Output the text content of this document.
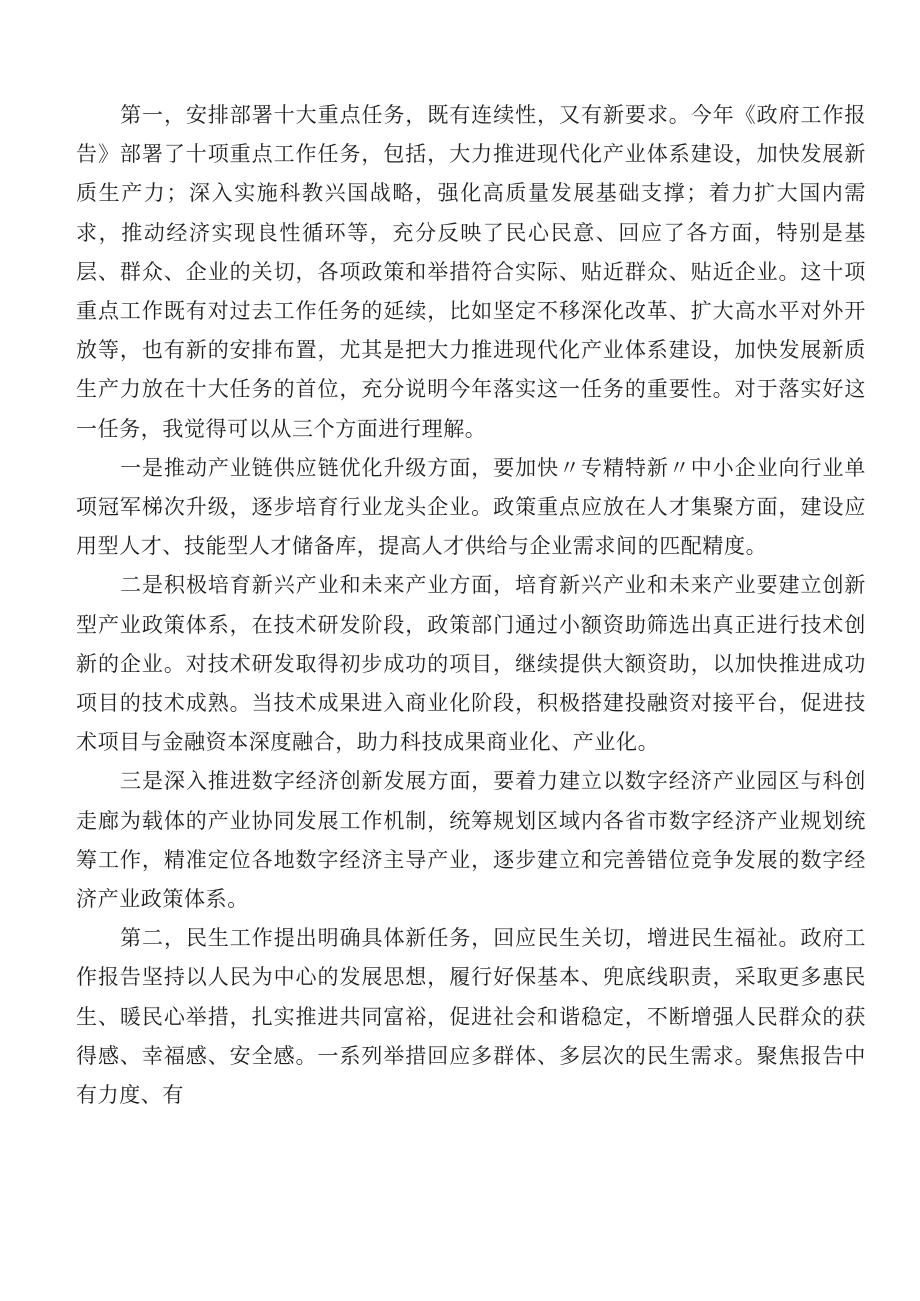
第一，安排部署十大重点任务，既有连续性，又有新要求。今年《政府工作报告》部署了十项重点工作任务，包括，大力推进现代化产业体系建设，加快发展新质生产力；深入实施科教兴国战略，强化高质量发展基础支撑；着力扩大国内需求，推动经济实现良性循环等，充分反映了民心民意、回应了各方面，特别是基层、群众、企业的关切，各项政策和举措符合实际、贴近群众、贴近企业。这十项重点工作既有对过去工作任务的延续，比如坚定不移深化改革、扩大高水平对外开放等，也有新的安排布置，尤其是把大力推进现代化产业体系建设，加快发展新质生产力放在十大任务的首位，充分说明今年落实这一任务的重要性。对于落实好这一任务，我觉得可以从三个方面进行理解。

一是推动产业链供应链优化升级方面，要加快〃专精特新〃中小企业向行业单项冠军梯次升级，逐步培育行业龙头企业。政策重点应放在人才集聚方面，建设应用型人才、技能型人才储备库，提高人才供给与企业需求间的匹配精度。

二是积极培育新兴产业和未来产业方面，培育新兴产业和未来产业要建立创新型产业政策体系，在技术研发阶段，政策部门通过小额资助筛选出真正进行技术创新的企业。对技术研发取得初步成功的项目，继续提供大额资助，以加快推进成功项目的技术成熟。当技术成果进入商业化阶段，积极搭建投融资对接平台，促进技术项目与金融资本深度融合，助力科技成果商业化、产业化。

三是深入推进数字经济创新发展方面，要着力建立以数字经济产业园区与科创走廊为载体的产业协同发展工作机制，统筹规划区域内各省市数字经济产业规划统筹工作，精准定位各地数字经济主导产业，逐步建立和完善错位竞争发展的数字经济产业政策体系。

第二，民生工作提出明确具体新任务，回应民生关切，增进民生福祉。政府工作报告坚持以人民为中心的发展思想，履行好保基本、兜底线职责，采取更多惠民生、暖民心举措，扎实推进共同富裕，促进社会和谐稳定，不断增强人民群众的获得感、幸福感、安全感。一系列举措回应多群体、多层次的民生需求。聚焦报告中有力度、有
